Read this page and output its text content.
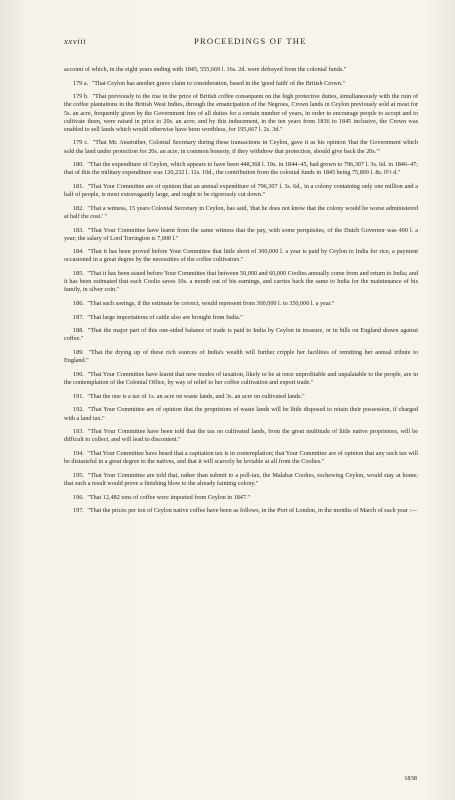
xxviii	PROCEEDINGS OF THE

account of which, in the eight years ending with 1845, 555,669 l. 16s. 2d. were defrayed from the colonial funds."

179 a. "That Ceylon has another grave claim to consideration, based in the 'good faith' of the British Crown."

179 b. "That previously to the rise in the price of British coffee consequent on the high protective duties, simultaneously with the ruin of the coffee plantations in the British West Indies, through the emancipation of the Negroes, Crown lands in Ceylon previously sold at most for 5s. an acre, frequently given by the Government free of all duties for a certain number of years, in order to encourage people to accept and to cultivate them, were raised in price to 20s. an acre; and by this inducement, in the ten years from 1836 to 1845 inclusive, the Crown was enabled to sell lands which would otherwise have been worthless, for 195,667 l. 2s. 3d."

179 c. "That Mr. Anstruther, Colonial Secretary during these transactions in Ceylon, gave it as his opinion 'that the Government which sold the land under protection for 20s. an acre, in common honesty, if they withdrew that protection, should give back the 20s.'"

180. "That the expenditure of Ceylon, which appears to have been 448,368 l. 19s. in 1844–45, had grown to 796,307 l. 3s. 6d. in 1846–47; that of this the military expenditure was 120,232 l. 11s. 10d., the contribution from the colonial funds in 1845 being 75,899 l. 8s. 0½ d."

181. "That Your Committee are of opinion that an annual expenditure of 796,307 l. 3s. 6d., in a colony containing only one million and a half of people, is most extravagantly large, and ought to be rigorously cut down."

182. "That a witness, 15 years Colonial Secretary in Ceylon, has said, 'that he does not know that the colony would be worse administered at half the cost.' "

183. "That Your Committee have learnt from the same witness that the pay, with some perquisites, of the Dutch Governor was 400 l. a year; the salary of Lord Torrington is 7,000 l."

184. "That it has been proved before Your Committee that little short of 300,000 l. a year is paid by Ceylon to India for rice, a payment occasioned in a great degree by the necessities of the coffee cultivators."

185. "That it has been stated before Your Committee that between 50,000 and 60,000 Coolies annually come from and return to India; and it has been estimated that each Coolie saves 10s. a month out of his earnings, and carries back the same to India for the maintenance of his family, in silver coin."

186. "That such savings, if the estimate be correct, would represent from 300,000 l. to 350,000 l. a year."

187. "That large importations of cattle also are brought from India."

188. "That the major part of this one-sided balance of trade is paid to India by Ceylon in treasure, or in bills on England drawn against coffee."

189. "That the drying up of these rich sources of India's wealth will further cripple her facilities of remitting her annual tribute to England."

190. "That Your Committee have learnt that new modes of taxation, likely to be at once unprofitable and unpalatable to the people, are in the contemplation of the Colonial Office, by way of relief to her coffee cultivation and export trade."

191. "That the one is a tax of 1s. an acre on waste lands, and 3s. an acre on cultivated lands."

192. "That Your Committee are of opinion that the proprietors of waste lands will be little disposed to retain their possession, if charged with a land tax."

193. "That Your Committee have been told that the tax on cultivated lands, from the great multitude of little native proprietors, will be difficult to collect, and will lead to discontent."

194. "That Your Committee have heard that a capitation tax is in contemplation; that Your Committee are of opinion that any such tax will be distasteful in a great degree to the natives, and that it will scarcely be leviable at all from the Coolies."

195. "That Your Committee are told that, rather than submit to a poll-tax, the Malabar Coolies, eschewing Ceylon, would stay at home; that such a result would prove a finishing blow to the already fainting colony."

196. "That 12,482 tons of coffee were imported from Ceylon in 1847."

197. "That the prices per ton of Ceylon native coffee have been as follows, in the Port of London, in the months of March of each year :—

1838
